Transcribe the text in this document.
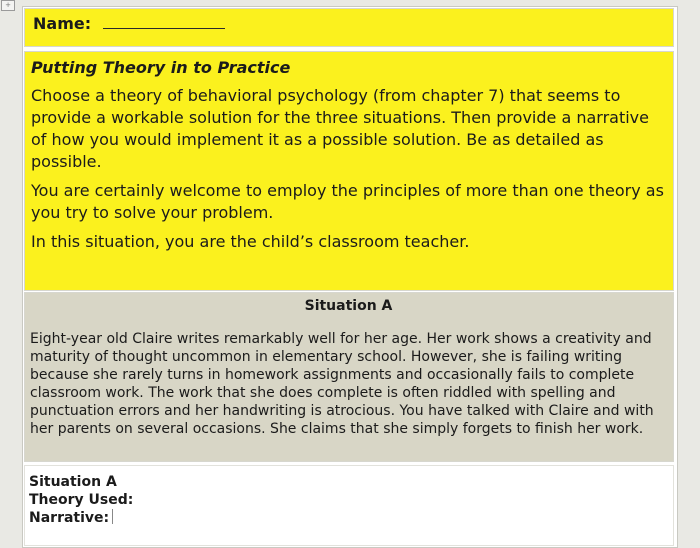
+
Name:
Putting Theory in to Practice

Choose a theory of behavioral psychology (from chapter 7) that seems to provide a workable solution for the three situations. Then provide a narrative of how you would implement it as a possible solution. Be as detailed as possible.

You are certainly welcome to employ the principles of more than one theory as you try to solve your problem.

In this situation, you are the child’s classroom teacher.

Situation A

Eight-year old Claire writes remarkably well for her age. Her work shows a creativity and maturity of thought uncommon in elementary school. However, she is failing writing because she rarely turns in homework assignments and occasionally fails to complete classroom work. The work that she does complete is often riddled with spelling and punctuation errors and her handwriting is atrocious. You have talked with Claire and with her parents on several occasions. She claims that she simply forgets to finish her work.

Situation A
Theory Used:
Narrative:
